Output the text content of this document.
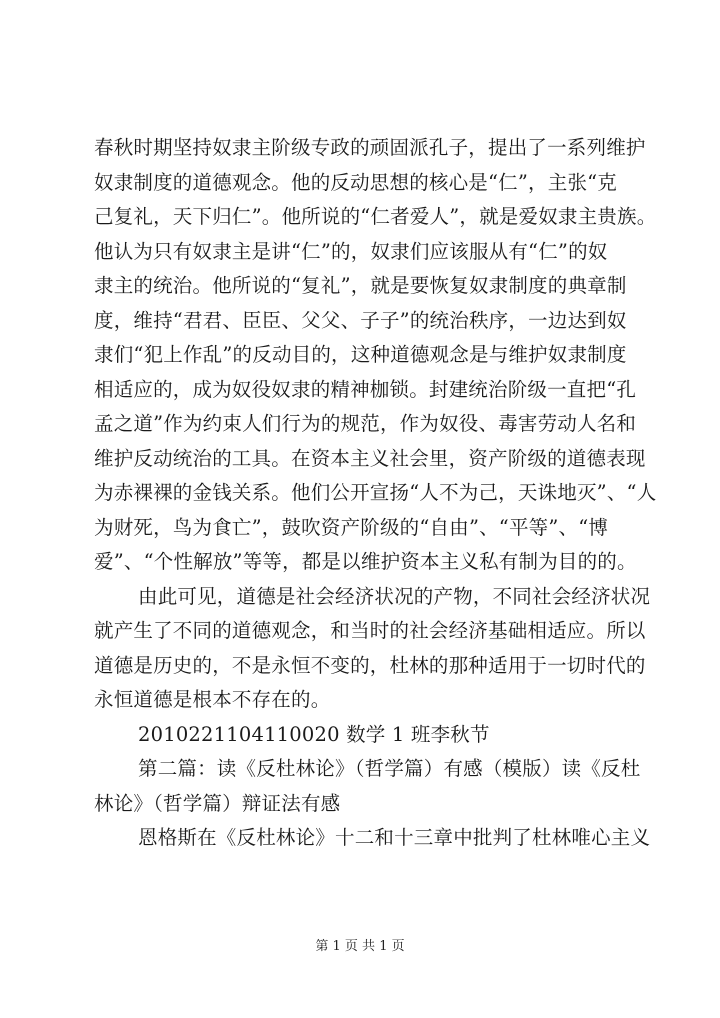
春秋时期坚持奴隶主阶级专政的顽固派孔子，提出了一系列维护
奴隶制度的道德观念。他的反动思想的核心是“仁”，主张“克
己复礼，天下归仁”。他所说的“仁者爱人”，就是爱奴隶主贵族。
他认为只有奴隶主是讲“仁”的，奴隶们应该服从有“仁”的奴
隶主的统治。他所说的“复礼”，就是要恢复奴隶制度的典章制
度，维持“君君、臣臣、父父、子子”的统治秩序，一边达到奴
隶们“犯上作乱”的反动目的，这种道德观念是与维护奴隶制度
相适应的，成为奴役奴隶的精神枷锁。封建统治阶级一直把“孔
孟之道”作为约束人们行为的规范，作为奴役、毒害劳动人名和
维护反动统治的工具。在资本主义社会里，资产阶级的道德表现
为赤裸裸的金钱关系。他们公开宣扬“人不为己，天诛地灭”、“人
为财死，鸟为食亡”，鼓吹资产阶级的“自由”、“平等”、“博
爱”、“个性解放”等等，都是以维护资本主义私有制为目的的。
由此可见，道德是社会经济状况的产物，不同社会经济状况
就产生了不同的道德观念，和当时的社会经济基础相适应。所以
道德是历史的，不是永恒不变的，杜林的那种适用于一切时代的
永恒道德是根本不存在的。
2010221104110020 数学 1 班李秋节
第二篇：读《反杜林论》（哲学篇）有感（模版）读《反杜
林论》（哲学篇）辩证法有感
恩格斯在《反杜林论》十二和十三章中批判了杜林唯心主义
第 1 页 共 1 页
